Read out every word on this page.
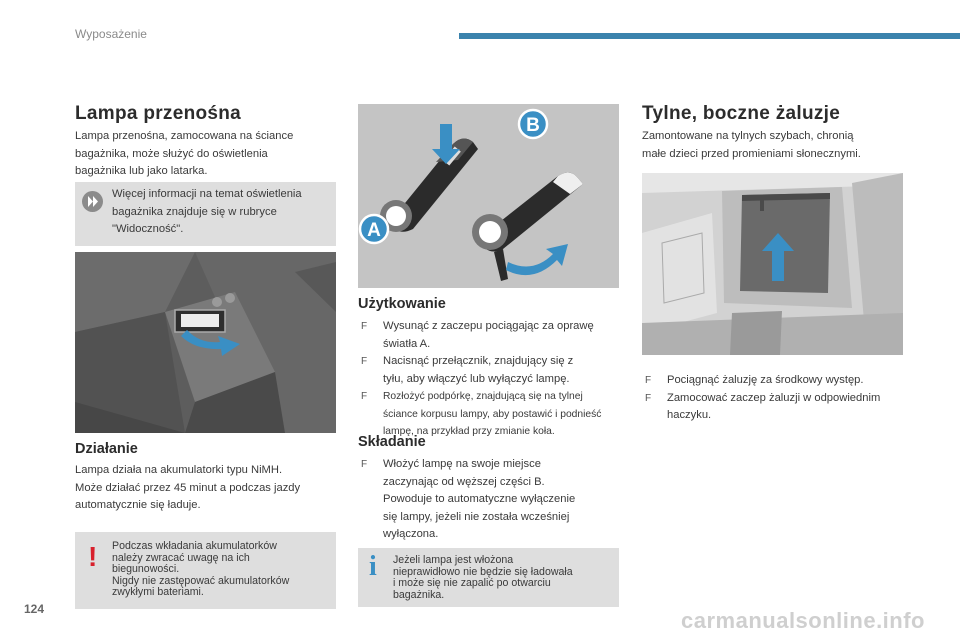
Wyposażenie
Lampa przenośna
Lampa przenośna, zamocowana na ściance
bagażnika, może służyć do oświetlenia
bagażnika lub jako latarka.
Więcej informacji na temat oświetlenia
bagażnika znajduje się w rubryce
"Widoczność".
Działanie
Lampa działa na akumulatorki typu NiMH.
Może działać przez 45 minut a podczas jazdy
automatycznie się ładuje.
! Podczas wkładania akumulatorków
należy zwracać uwagę na ich
biegunowości.
Nigdy nie zastępować akumulatorków
zwykłymi bateriami.
B
A
Użytkowanie
F Wysunąć z zaczepu pociągając za oprawę
światła A.
F Nacisnąć przełącznik, znajdujący się z
tyłu, aby włączyć lub wyłączyć lampę.
F Rozłożyć podpórkę, znajdującą się na tylnej
ściance korpusu lampy, aby postawić i podnieść
lampę, na przykład przy zmianie koła.
Składanie
F Włożyć lampę na swoje miejsce
zaczynając od węższej części B.
Powoduje to automatyczne wyłączenie
się lampy, jeżeli nie została wcześniej
wyłączona.
i Jeżeli lampa jest włożona
nieprawidłowo nie będzie się ładowała
i może się nie zapalić po otwarciu
bagażnika.
Tylne, boczne żaluzje
Zamontowane na tylnych szybach, chronią
małe dzieci przed promieniami słonecznymi.
F Pociągnąć żaluzję za środkowy występ.
F Zamocować zaczep żaluzji w odpowiednim
haczyku.
124	carmanualsonline.info
